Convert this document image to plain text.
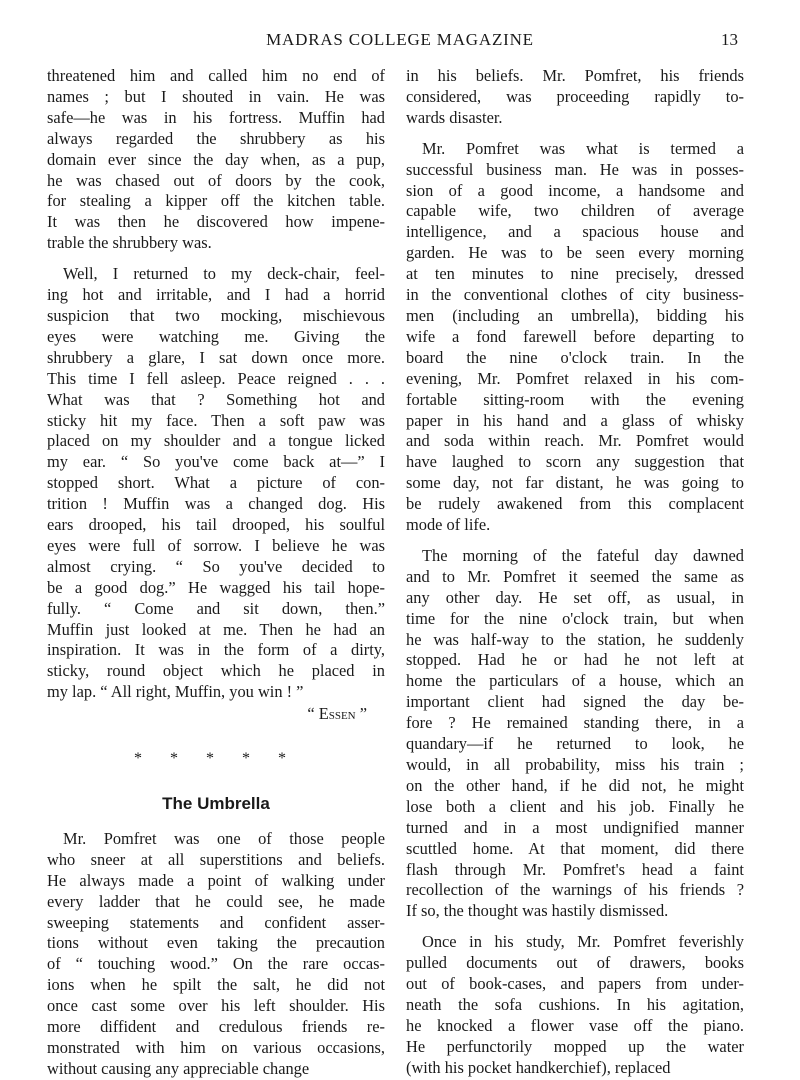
MADRAS COLLEGE MAGAZINE	13

threatened him and called him no end of
names ; but I shouted in vain. He was
safe—he was in his fortress. Muffin had
always regarded the shrubbery as his
domain ever since the day when, as a pup,
he was chased out of doors by the cook,
for stealing a kipper off the kitchen table.
It was then he discovered how impene-
trable the shrubbery was.

Well, I returned to my deck-chair, feel-
ing hot and irritable, and I had a horrid
suspicion that two mocking, mischievous
eyes were watching me. Giving the
shrubbery a glare, I sat down once more.
This time I fell asleep. Peace reigned . . .
What was that ? Something hot and
sticky hit my face. Then a soft paw was
placed on my shoulder and a tongue licked
my ear. “ So you've come back at—” I
stopped short. What a picture of con-
trition ! Muffin was a changed dog. His
ears drooped, his tail drooped, his soulful
eyes were full of sorrow. I believe he was
almost crying. “ So you've decided to
be a good dog.” He wagged his tail hope-
fully. “ Come and sit down, then.”
Muffin just looked at me. Then he had an
inspiration. It was in the form of a dirty,
sticky, round object which he placed in
my lap. “ All right, Muffin, you win ! ”

“ Essen ”
* * * * *
The Umbrella

Mr. Pomfret was one of those people
who sneer at all superstitions and beliefs.
He always made a point of walking under
every ladder that he could see, he made
sweeping statements and confident asser-
tions without even taking the precaution
of “ touching wood.” On the rare occas-
ions when he spilt the salt, he did not
once cast some over his left shoulder. His
more diffident and credulous friends re-
monstrated with him on various occasions,
without causing any appreciable change

in his beliefs. Mr. Pomfret, his friends
considered, was proceeding rapidly to-
wards disaster.

Mr. Pomfret was what is termed a
successful business man. He was in posses-
sion of a good income, a handsome and
capable wife, two children of average
intelligence, and a spacious house and
garden. He was to be seen every morning
at ten minutes to nine precisely, dressed
in the conventional clothes of city business-
men (including an umbrella), bidding his
wife a fond farewell before departing to
board the nine o'clock train. In the
evening, Mr. Pomfret relaxed in his com-
fortable sitting-room with the evening
paper in his hand and a glass of whisky
and soda within reach. Mr. Pomfret would
have laughed to scorn any suggestion that
some day, not far distant, he was going to
be rudely awakened from this complacent
mode of life.

The morning of the fateful day dawned
and to Mr. Pomfret it seemed the same as
any other day. He set off, as usual, in
time for the nine o'clock train, but when
he was half-way to the station, he suddenly
stopped. Had he or had he not left at
home the particulars of a house, which an
important client had signed the day be-
fore ? He remained standing there, in a
quandary—if he returned to look, he
would, in all probability, miss his train ;
on the other hand, if he did not, he might
lose both a client and his job. Finally he
turned and in a most undignified manner
scuttled home. At that moment, did there
flash through Mr. Pomfret's head a faint
recollection of the warnings of his friends ?
If so, the thought was hastily dismissed.

Once in his study, Mr. Pomfret feverishly
pulled documents out of drawers, books
out of book-cases, and papers from under-
neath the sofa cushions. In his agitation,
he knocked a flower vase off the piano.
He perfunctorily mopped up the water
(with his pocket handkerchief), replaced
